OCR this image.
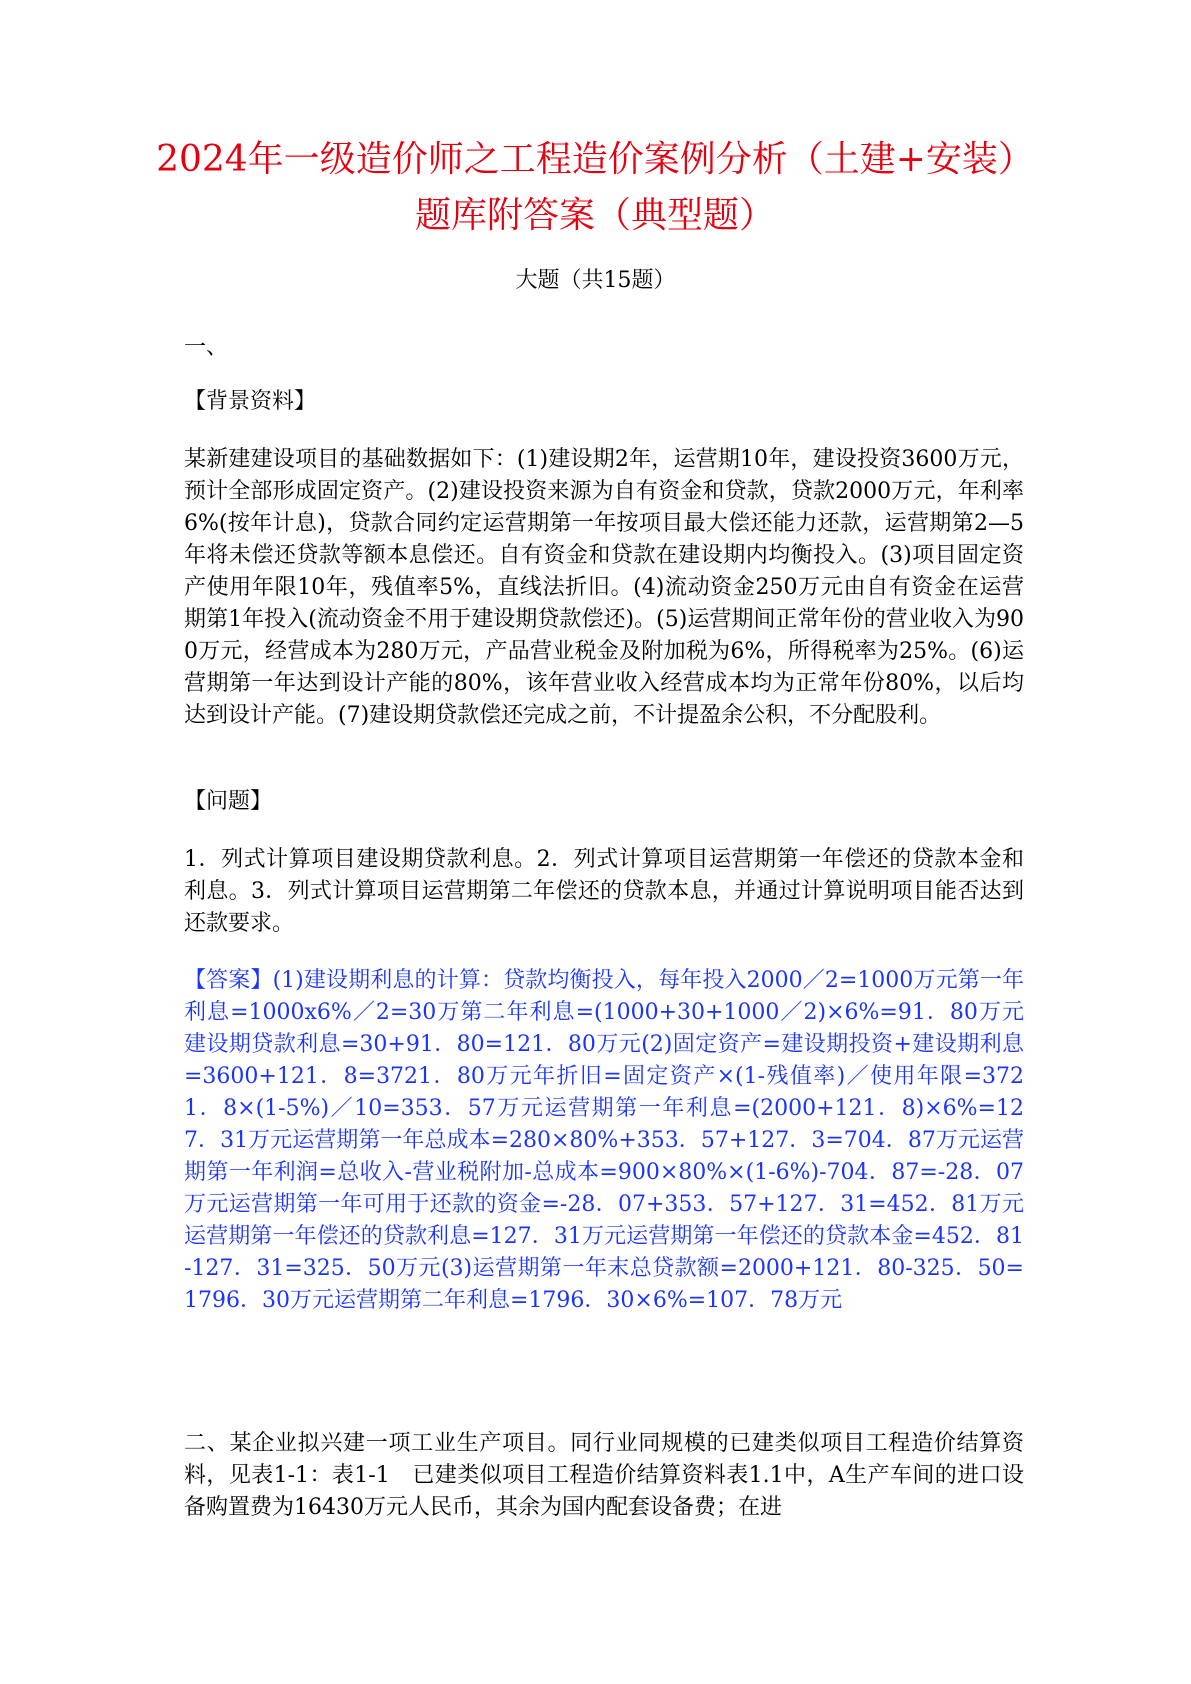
2024年一级造价师之工程造价案例分析（土建+安装）题库附答案（典型题）
大题（共15题）

一、

【背景资料】

某新建建设项目的基础数据如下：(1)建设期2年，运营期10年，建设投资3600万元，预计全部形成固定资产。(2)建设投资来源为自有资金和贷款，贷款2000万元，年利率6%(按年计息)，贷款合同约定运营期第一年按项目最大偿还能力还款，运营期第2—5年将未偿还贷款等额本息偿还。自有资金和贷款在建设期内均衡投入。(3)项目固定资产使用年限10年，残值率5%，直线法折旧。(4)流动资金250万元由自有资金在运营期第1年投入(流动资金不用于建设期贷款偿还)。(5)运营期间正常年份的营业收入为900万元，经营成本为280万元，产品营业税金及附加税为6%，所得税率为25%。(6)运营期第一年达到设计产能的80%，该年营业收入经营成本均为正常年份80%，以后均达到设计产能。(7)建设期贷款偿还完成之前，不计提盈余公积，不分配股利。

【问题】

1．列式计算项目建设期贷款利息。2．列式计算项目运营期第一年偿还的贷款本金和利息。3．列式计算项目运营期第二年偿还的贷款本息，并通过计算说明项目能否达到还款要求。

【答案】(1)建设期利息的计算：贷款均衡投入，每年投入2000／2=1000万元第一年利息=1000x6%／2=30万第二年利息=(1000+30+1000／2)×6%=91．80万元建设期贷款利息=30+91．80=121．80万元(2)固定资产=建设期投资+建设期利息=3600+121．8=3721．80万元年折旧=固定资产×(1-残值率)／使用年限=3721．8×(1-5%)／10=353．57万元运营期第一年利息=(2000+121．8)×6%=127．31万元运营期第一年总成本=280×80%+353．57+127．3=704．87万元运营期第一年利润=总收入-营业税附加-总成本=900×80%×(1-6%)-704．87=-28．07万元运营期第一年可用于还款的资金=-28．07+353．57+127．31=452．81万元运营期第一年偿还的贷款利息=127．31万元运营期第一年偿还的贷款本金=452．81-127．31=325．50万元(3)运营期第一年末总贷款额=2000+121．80-325．50=1796．30万元运营期第二年利息=1796．30×6%=107．78万元

二、某企业拟兴建一项工业生产项目。同行业同规模的已建类似项目工程造价结算资料，见表1-1：表1-1　已建类似项目工程造价结算资料表1.1中，A生产车间的进口设备购置费为16430万元人民币，其余为国内配套设备费；在进
